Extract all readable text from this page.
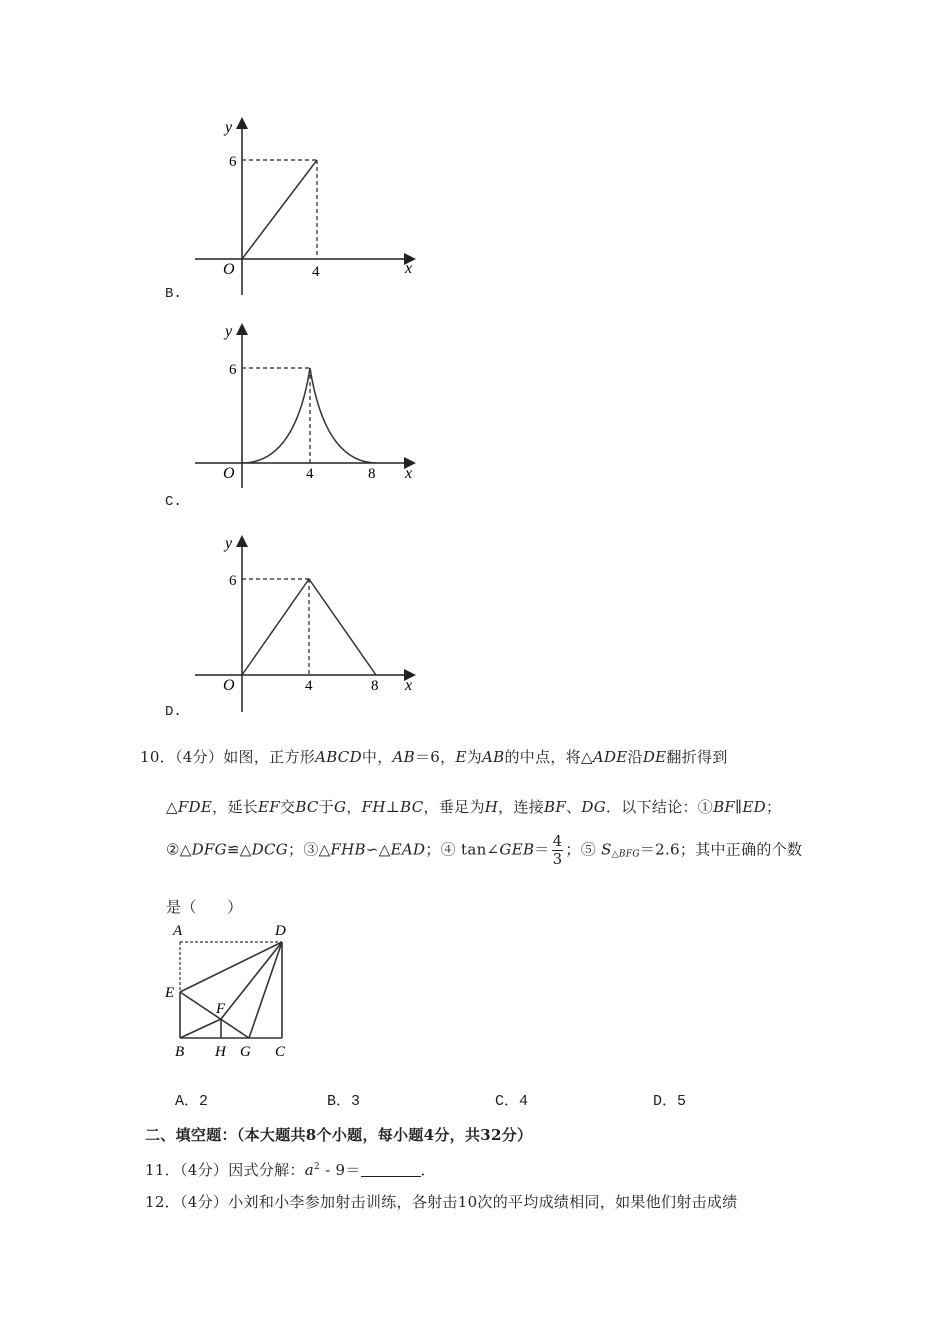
y
x
O
6
4
B.
y
x
O
6
4	8
C.
y
x
O
6
4	8
D.
10．（4分）如图，正方形ABCD中，AB＝6，E为AB的中点，将△ADE沿DE翻折得到
△FDE，延长EF交BC于G，FH⊥BC，垂足为H，连接BF、DG．以下结论：①BF∥ED；
②△DFG≌△DCG；③△FHB∽△EAD；④ tan∠GEB＝ $\frac{4}{3}$ ；⑤ $S_{\triangle BFG}=2.6$；其中正确的个数
是（　　）
A	D
E
F
B H G C
A．2	B．3	C．4	D．5
二、填空题：（本大题共8个小题，每小题4分，共32分）
11．（4分）因式分解：$a^2 - 9=$	．
12．（4分）小刘和小李参加射击训练，各射击10次的平均成绩相同，如果他们射击成绩
